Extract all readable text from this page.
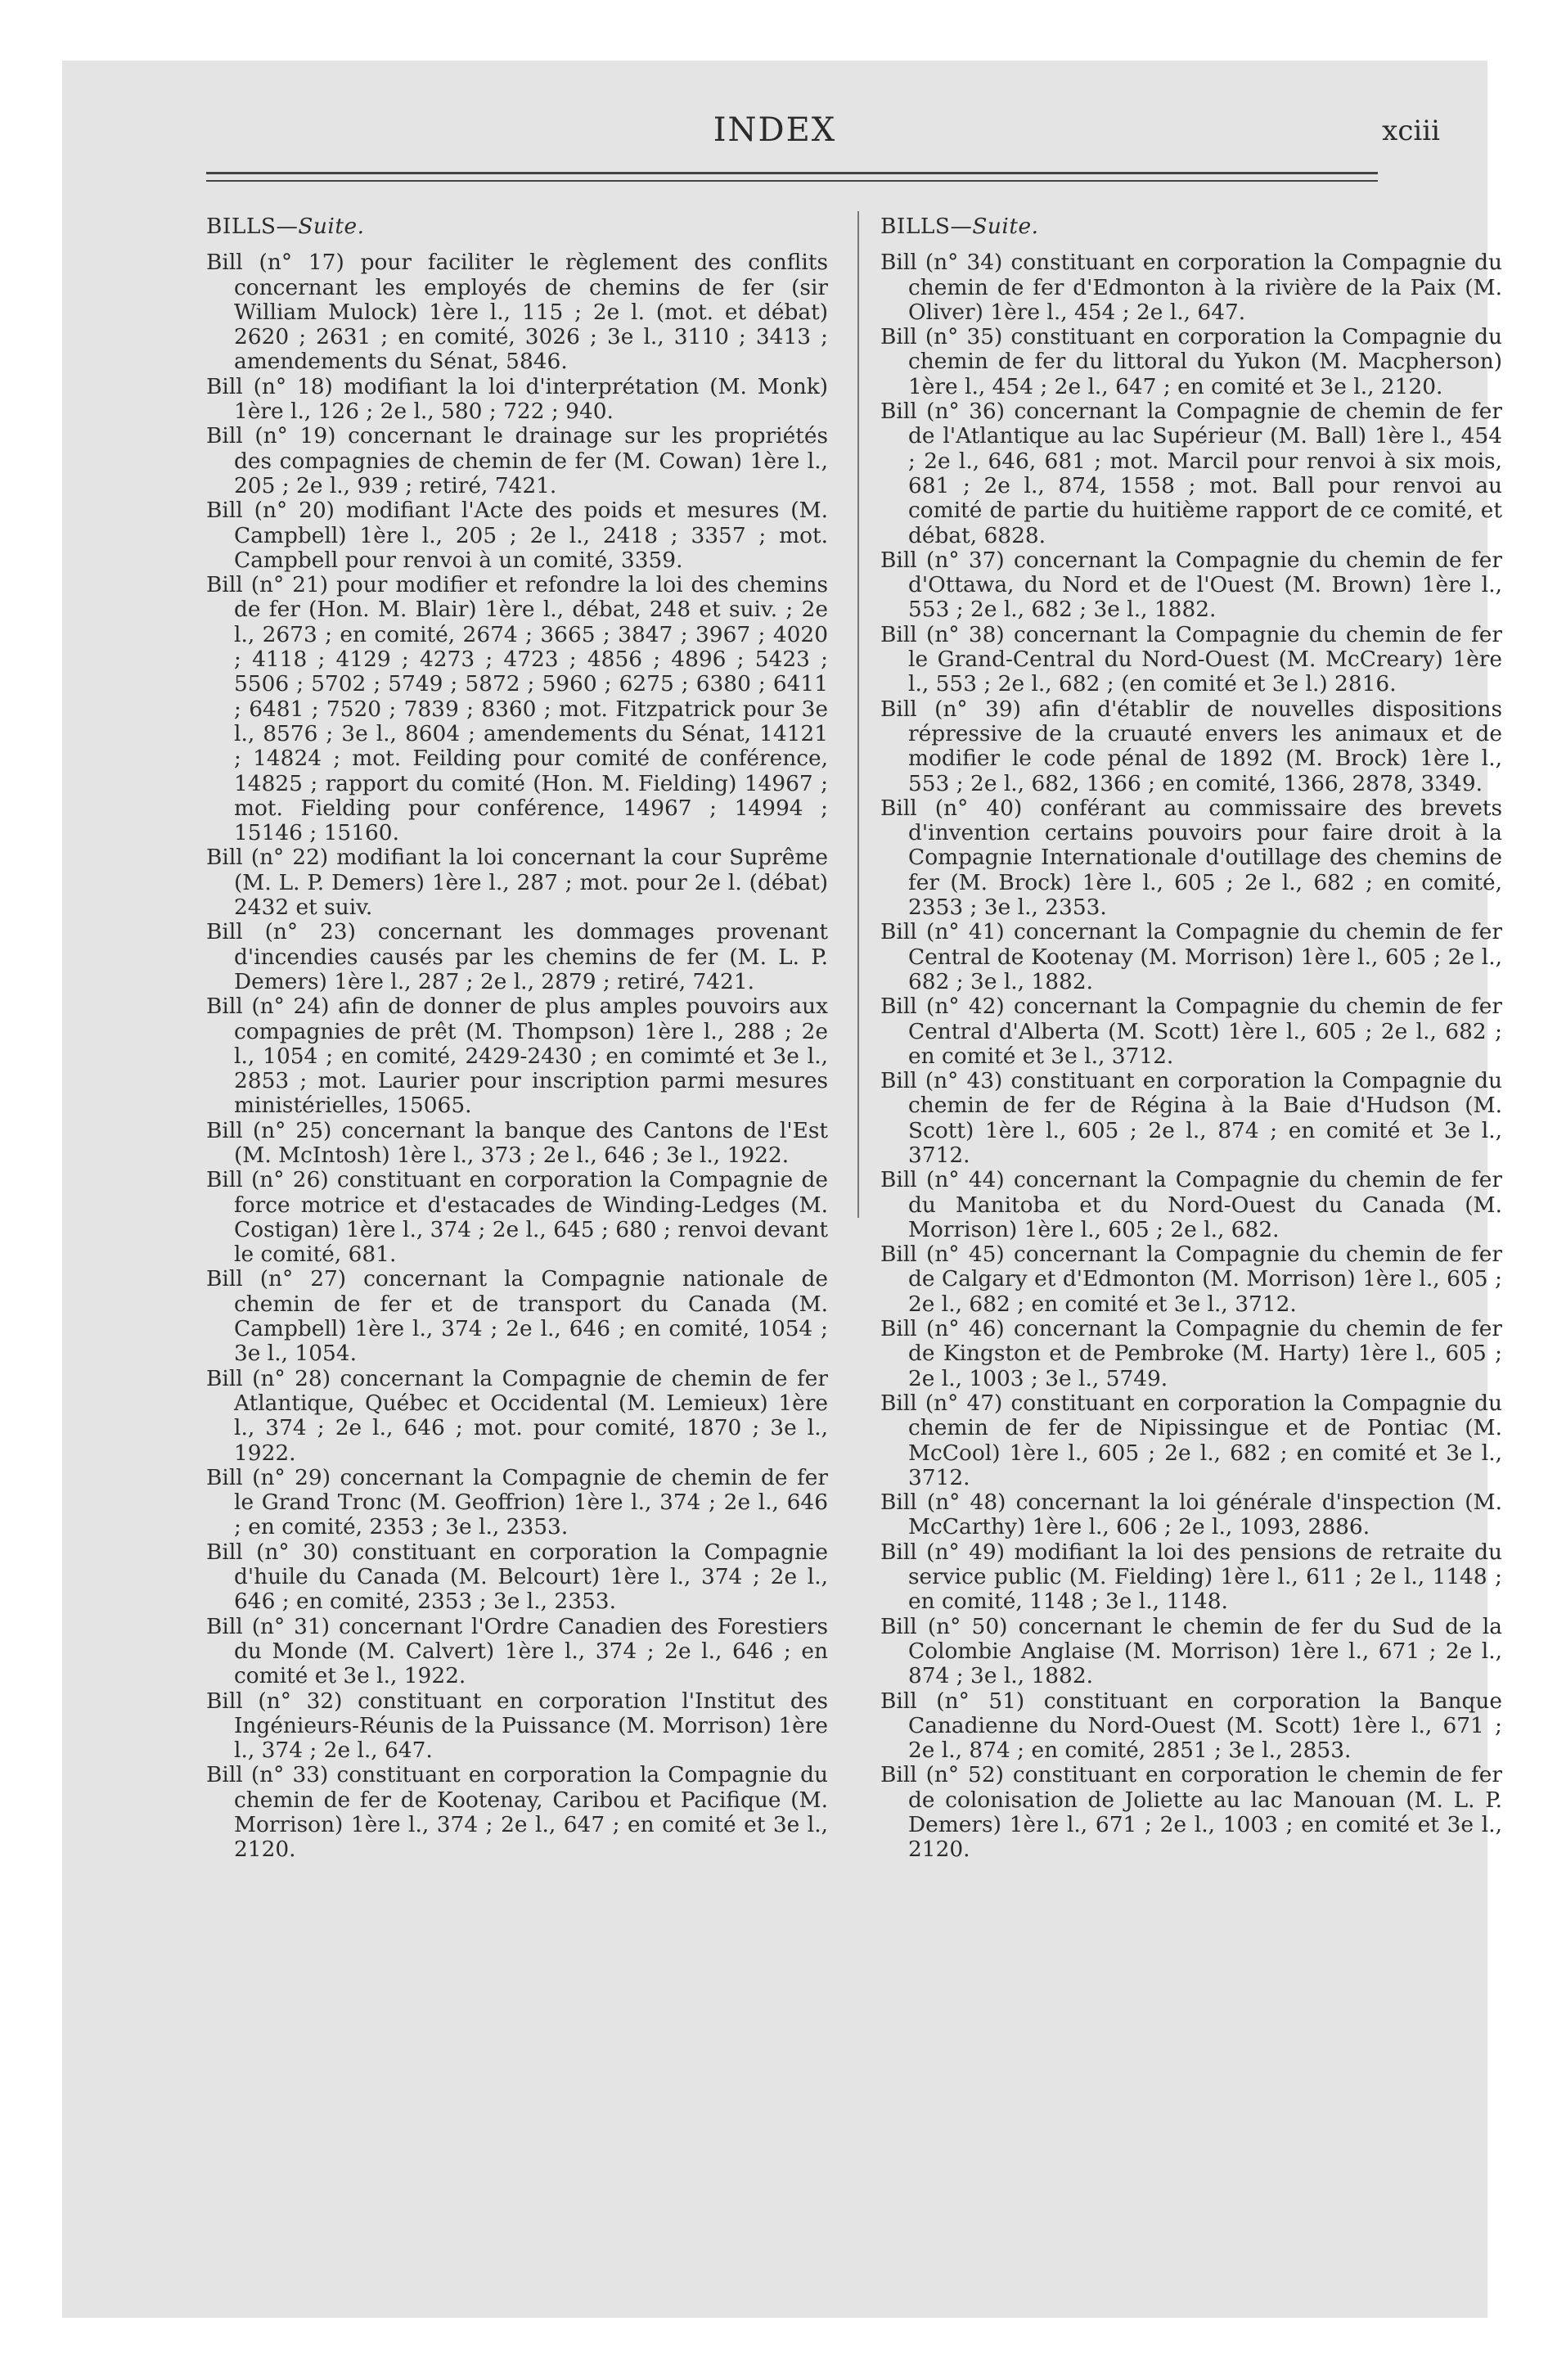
INDEX	xciii
BILLS—Suite.
Bill (n° 17) pour faciliter le règlement des conflits concernant les employés de chemins de fer (sir William Mulock) 1ère l., 115 ; 2e l. (mot. et débat) 2620 ; 2631 ; en comité, 3026 ; 3e l., 3110 ; 3413 ; amendements du Sénat, 5846.
Bill (n° 18) modifiant la loi d'interprétation (M. Monk) 1ère l., 126 ; 2e l., 580 ; 722 ; 940.
Bill (n° 19) concernant le drainage sur les propriétés des compagnies de chemin de fer (M. Cowan) 1ère l., 205 ; 2e l., 939 ; retiré, 7421.
Bill (n° 20) modifiant l'Acte des poids et mesures (M. Campbell) 1ère l., 205 ; 2e l., 2418 ; 3357 ; mot. Campbell pour renvoi à un comité, 3359.
Bill (n° 21) pour modifier et refondre la loi des chemins de fer (Hon. M. Blair) 1ère l., débat, 248 et suiv. ; 2e l., 2673 ; en comité, 2674 ; 3665 ; 3847 ; 3967 ; 4020 ; 4118 ; 4129 ; 4273 ; 4723 ; 4856 ; 4896 ; 5423 ; 5506 ; 5702 ; 5749 ; 5872 ; 5960 ; 6275 ; 6380 ; 6411 ; 6481 ; 7520 ; 7839 ; 8360 ; mot. Fitzpatrick pour 3e l., 8576 ; 3e l., 8604 ; amendements du Sénat, 14121 ; 14824 ; mot. Feilding pour comité de conférence, 14825 ; rapport du comité (Hon. M. Fielding) 14967 ; mot. Fielding pour conférence, 14967 ; 14994 ; 15146 ; 15160.
Bill (n° 22) modifiant la loi concernant la cour Suprême (M. L. P. Demers) 1ère l., 287 ; mot. pour 2e l. (débat) 2432 et suiv.
Bill (n° 23) concernant les dommages provenant d'incendies causés par les chemins de fer (M. L. P. Demers) 1ère l., 287 ; 2e l., 2879 ; retiré, 7421.
Bill (n° 24) afin de donner de plus amples pouvoirs aux compagnies de prêt (M. Thompson) 1ère l., 288 ; 2e l., 1054 ; en comité, 2429-2430 ; en comimté et 3e l., 2853 ; mot. Laurier pour inscription parmi mesures ministérielles, 15065.
Bill (n° 25) concernant la banque des Cantons de l'Est (M. McIntosh) 1ère l., 373 ; 2e l., 646 ; 3e l., 1922.
Bill (n° 26) constituant en corporation la Compagnie de force motrice et d'estacades de Winding-Ledges (M. Costigan) 1ère l., 374 ; 2e l., 645 ; 680 ; renvoi devant le comité, 681.
Bill (n° 27) concernant la Compagnie nationale de chemin de fer et de transport du Canada (M. Campbell) 1ère l., 374 ; 2e l., 646 ; en comité, 1054 ; 3e l., 1054.
Bill (n° 28) concernant la Compagnie de chemin de fer Atlantique, Québec et Occidental (M. Lemieux) 1ère l., 374 ; 2e l., 646 ; mot. pour comité, 1870 ; 3e l., 1922.
Bill (n° 29) concernant la Compagnie de chemin de fer le Grand Tronc (M. Geoffrion) 1ère l., 374 ; 2e l., 646 ; en comité, 2353 ; 3e l., 2353.
Bill (n° 30) constituant en corporation la Compagnie d'huile du Canada (M. Belcourt) 1ère l., 374 ; 2e l., 646 ; en comité, 2353 ; 3e l., 2353.
Bill (n° 31) concernant l'Ordre Canadien des Forestiers du Monde (M. Calvert) 1ère l., 374 ; 2e l., 646 ; en comité et 3e l., 1922.
Bill (n° 32) constituant en corporation l'Institut des Ingénieurs-Réunis de la Puissance (M. Morrison) 1ère l., 374 ; 2e l., 647.
Bill (n° 33) constituant en corporation la Compagnie du chemin de fer de Kootenay, Caribou et Pacifique (M. Morrison) 1ère l., 374 ; 2e l., 647 ; en comité et 3e l., 2120.
BILLS—Suite.
Bill (n° 34) constituant en corporation la Compagnie du chemin de fer d'Edmonton à la rivière de la Paix (M. Oliver) 1ère l., 454 ; 2e l., 647.
Bill (n° 35) constituant en corporation la Compagnie du chemin de fer du littoral du Yukon (M. Macpherson) 1ère l., 454 ; 2e l., 647 ; en comité et 3e l., 2120.
Bill (n° 36) concernant la Compagnie de chemin de fer de l'Atlantique au lac Supérieur (M. Ball) 1ère l., 454 ; 2e l., 646, 681 ; mot. Marcil pour renvoi à six mois, 681 ; 2e l., 874, 1558 ; mot. Ball pour renvoi au comité de partie du huitième rapport de ce comité, et débat, 6828.
Bill (n° 37) concernant la Compagnie du chemin de fer d'Ottawa, du Nord et de l'Ouest (M. Brown) 1ère l., 553 ; 2e l., 682 ; 3e l., 1882.
Bill (n° 38) concernant la Compagnie du chemin de fer le Grand-Central du Nord-Ouest (M. McCreary) 1ère l., 553 ; 2e l., 682 ; (en comité et 3e l.) 2816.
Bill (n° 39) afin d'établir de nouvelles dispositions répressive de la cruauté envers les animaux et de modifier le code pénal de 1892 (M. Brock) 1ère l., 553 ; 2e l., 682, 1366 ; en comité, 1366, 2878, 3349.
Bill (n° 40) conférant au commissaire des brevets d'invention certains pouvoirs pour faire droit à la Compagnie Internationale d'outillage des chemins de fer (M. Brock) 1ère l., 605 ; 2e l., 682 ; en comité, 2353 ; 3e l., 2353.
Bill (n° 41) concernant la Compagnie du chemin de fer Central de Kootenay (M. Morrison) 1ère l., 605 ; 2e l., 682 ; 3e l., 1882.
Bill (n° 42) concernant la Compagnie du chemin de fer Central d'Alberta (M. Scott) 1ère l., 605 ; 2e l., 682 ; en comité et 3e l., 3712.
Bill (n° 43) constituant en corporation la Compagnie du chemin de fer de Régina à la Baie d'Hudson (M. Scott) 1ère l., 605 ; 2e l., 874 ; en comité et 3e l., 3712.
Bill (n° 44) concernant la Compagnie du chemin de fer du Manitoba et du Nord-Ouest du Canada (M. Morrison) 1ère l., 605 ; 2e l., 682.
Bill (n° 45) concernant la Compagnie du chemin de fer de Calgary et d'Edmonton (M. Morrison) 1ère l., 605 ; 2e l., 682 ; en comité et 3e l., 3712.
Bill (n° 46) concernant la Compagnie du chemin de fer de Kingston et de Pembroke (M. Harty) 1ère l., 605 ; 2e l., 1003 ; 3e l., 5749.
Bill (n° 47) constituant en corporation la Compagnie du chemin de fer de Nipissingue et de Pontiac (M. McCool) 1ère l., 605 ; 2e l., 682 ; en comité et 3e l., 3712.
Bill (n° 48) concernant la loi générale d'inspection (M. McCarthy) 1ère l., 606 ; 2e l., 1093, 2886.
Bill (n° 49) modifiant la loi des pensions de retraite du service public (M. Fielding) 1ère l., 611 ; 2e l., 1148 ; en comité, 1148 ; 3e l., 1148.
Bill (n° 50) concernant le chemin de fer du Sud de la Colombie Anglaise (M. Morrison) 1ère l., 671 ; 2e l., 874 ; 3e l., 1882.
Bill (n° 51) constituant en corporation la Banque Canadienne du Nord-Ouest (M. Scott) 1ère l., 671 ; 2e l., 874 ; en comité, 2851 ; 3e l., 2853.
Bill (n° 52) constituant en corporation le chemin de fer de colonisation de Joliette au lac Manouan (M. L. P. Demers) 1ère l., 671 ; 2e l., 1003 ; en comité et 3e l., 2120.
